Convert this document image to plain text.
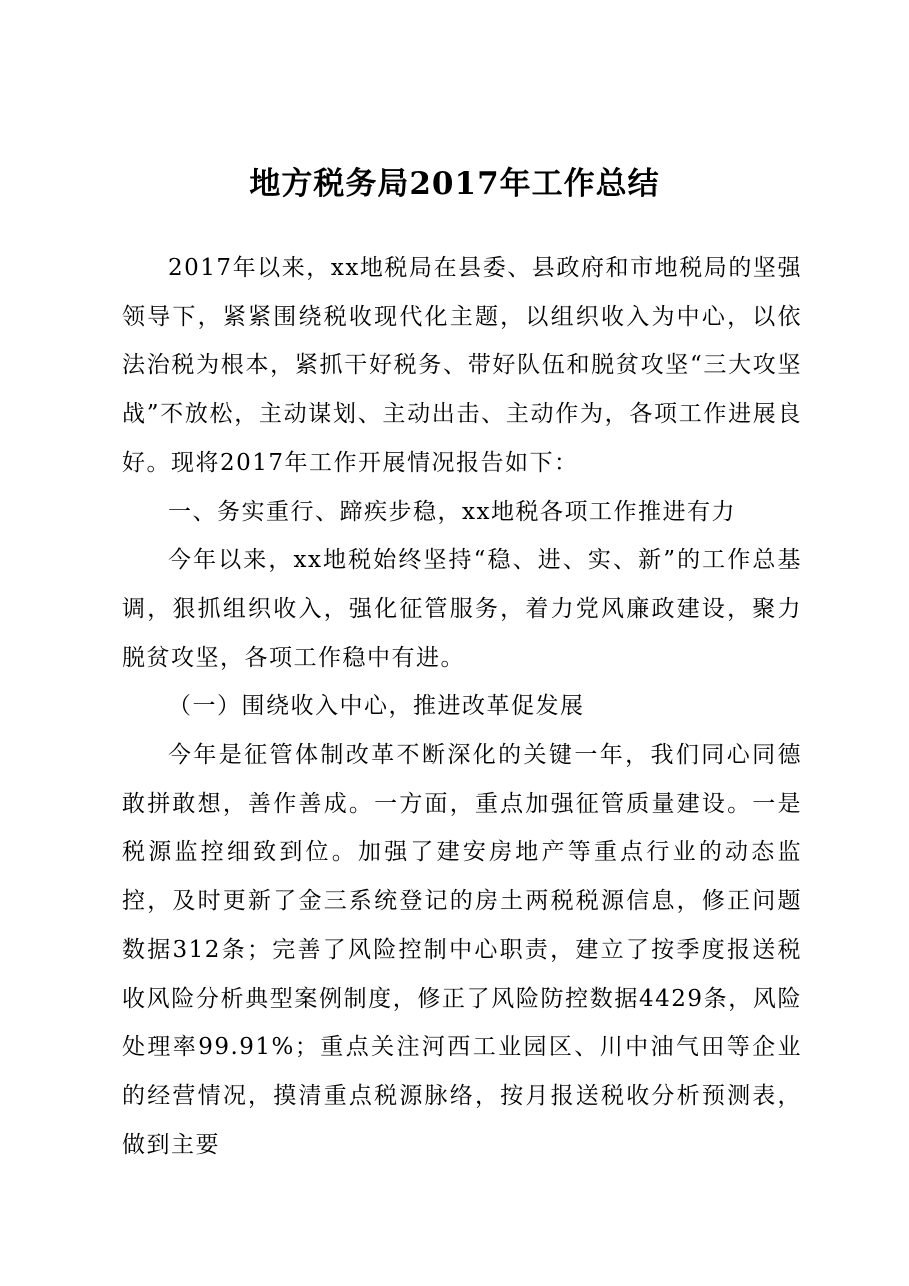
地方税务局2017年工作总结

2017年以来，xx地税局在县委、县政府和市地税局的坚强领导下，紧紧围绕税收现代化主题，以组织收入为中心，以依法治税为根本，紧抓干好税务、带好队伍和脱贫攻坚“三大攻坚战”不放松，主动谋划、主动出击、主动作为，各项工作进展良好。现将2017年工作开展情况报告如下：

一、务实重行、蹄疾步稳，xx地税各项工作推进有力

今年以来，xx地税始终坚持“稳、进、实、新”的工作总基调，狠抓组织收入，强化征管服务，着力党风廉政建设，聚力脱贫攻坚，各项工作稳中有进。

（一）围绕收入中心，推进改革促发展

今年是征管体制改革不断深化的关键一年，我们同心同德敢拼敢想，善作善成。一方面，重点加强征管质量建设。一是税源监控细致到位。加强了建安房地产等重点行业的动态监控，及时更新了金三系统登记的房土两税税源信息，修正问题数据312条；完善了风险控制中心职责，建立了按季度报送税收风险分析典型案例制度，修正了风险防控数据4429条，风险处理率99.91%；重点关注河西工业园区、川中油气田等企业的经营情况，摸清重点税源脉络，按月报送税收分析预测表，做到主要
